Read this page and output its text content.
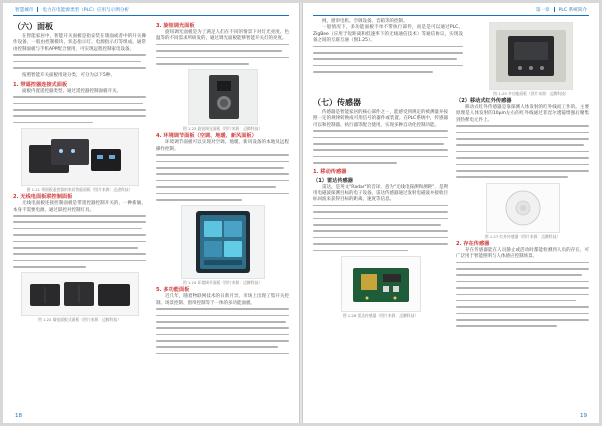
智慧城市 电力在电能源类型（PLC）应用与示例分析
（六）面板
在智能家居中，智能开关面板是指安装在墙面或者中的开关操作设备，一般由控制模块、状态指示灯、电源指示灯等组成。通常由控制面板与手机APP配合使用，可实现远程控制家电设备。
按照智能开关面板用途分类，可分为以下5种。
1. 带遥控器连接式面板
面板内置遥控器类型，通过遥控器控制面板开关。
图 1.21 带面板遥控器的家居智能面板（图片来源：迈进科技）
2. 无线电面板联控制面板
无线电面板连接控制面板是带遥控器控制开关的，一种新颖，本身不需要电源，通过联控对控制灯具。
图 1.22 墙挂面板式面板（图片来源：迈腾科技）
3. 旋钮调光面板
旋钮调光面板是为了满足人们在不同的情景下对灯光亮度、色温等的不同需求所研发的，通过调光面板能够智能开关灯的亮度。
图 1.23 旋钮调光面板（图片来源：迈腾科技）
4. 环境调节面板（空调、地暖、新风面板）
环境调节面板可以实现对空调、地暖、新风设备的本地及远程操作控制。
图 1.24 环境调节面板（图片来源：迈腾科技）
5. 多功能面板
近几年，随着物联网技术的日新月异，市场上出现了集开关控制、场景控制、窗帘控制等于一体的多功能面板。
18
第一章 PLC 系统简介
网、窗帘电机、空调设备、音箱等的控制。
一般情况下，多功能面板不单不带执行部件，而是是可以通过PLC、ZigBee（应用于短距离和低速率下的无线通信技术）等通信协议，实现设备之间的互联互通（图1.25）。
图 1.25 多功能面板（图片来源：迈腾科技）
（七）传感器
传感器是智能家居的核心部件之一，能感受到规定的被测量并按照一定的规律转换成可用信号的器件或装置。在PLC系统中，传感器可以和控制器、执行器等配合使用，实现多种自动化控制功能。
1. 移动传感器
（1）雷达传感器
雷达，是英文"Radar"的音译，意为"无线电探测和测距"，是利用电磁波探测目标的电子设备。雷达传感器通过发射电磁波并接收目标回波来获得目标的距离、速度等信息。
图 1.26 雷达传感器（图片来源：迈腾科技）
（2）移动式红外传感器
移动式红外传感器是靠探测人体发射的红外线而工作的。主要原理是人体发射的10μm左右的红外线通过菲涅尔透镜增强后聚集到热释电元件上。
图 1.27 红外传感器（图片来源：迈腾科技）
2. 存在传感器
存在传感器能在人员静止或活动时都能检测到人员的存在，可广泛用于智能照明与人体感应控制场景。
19
